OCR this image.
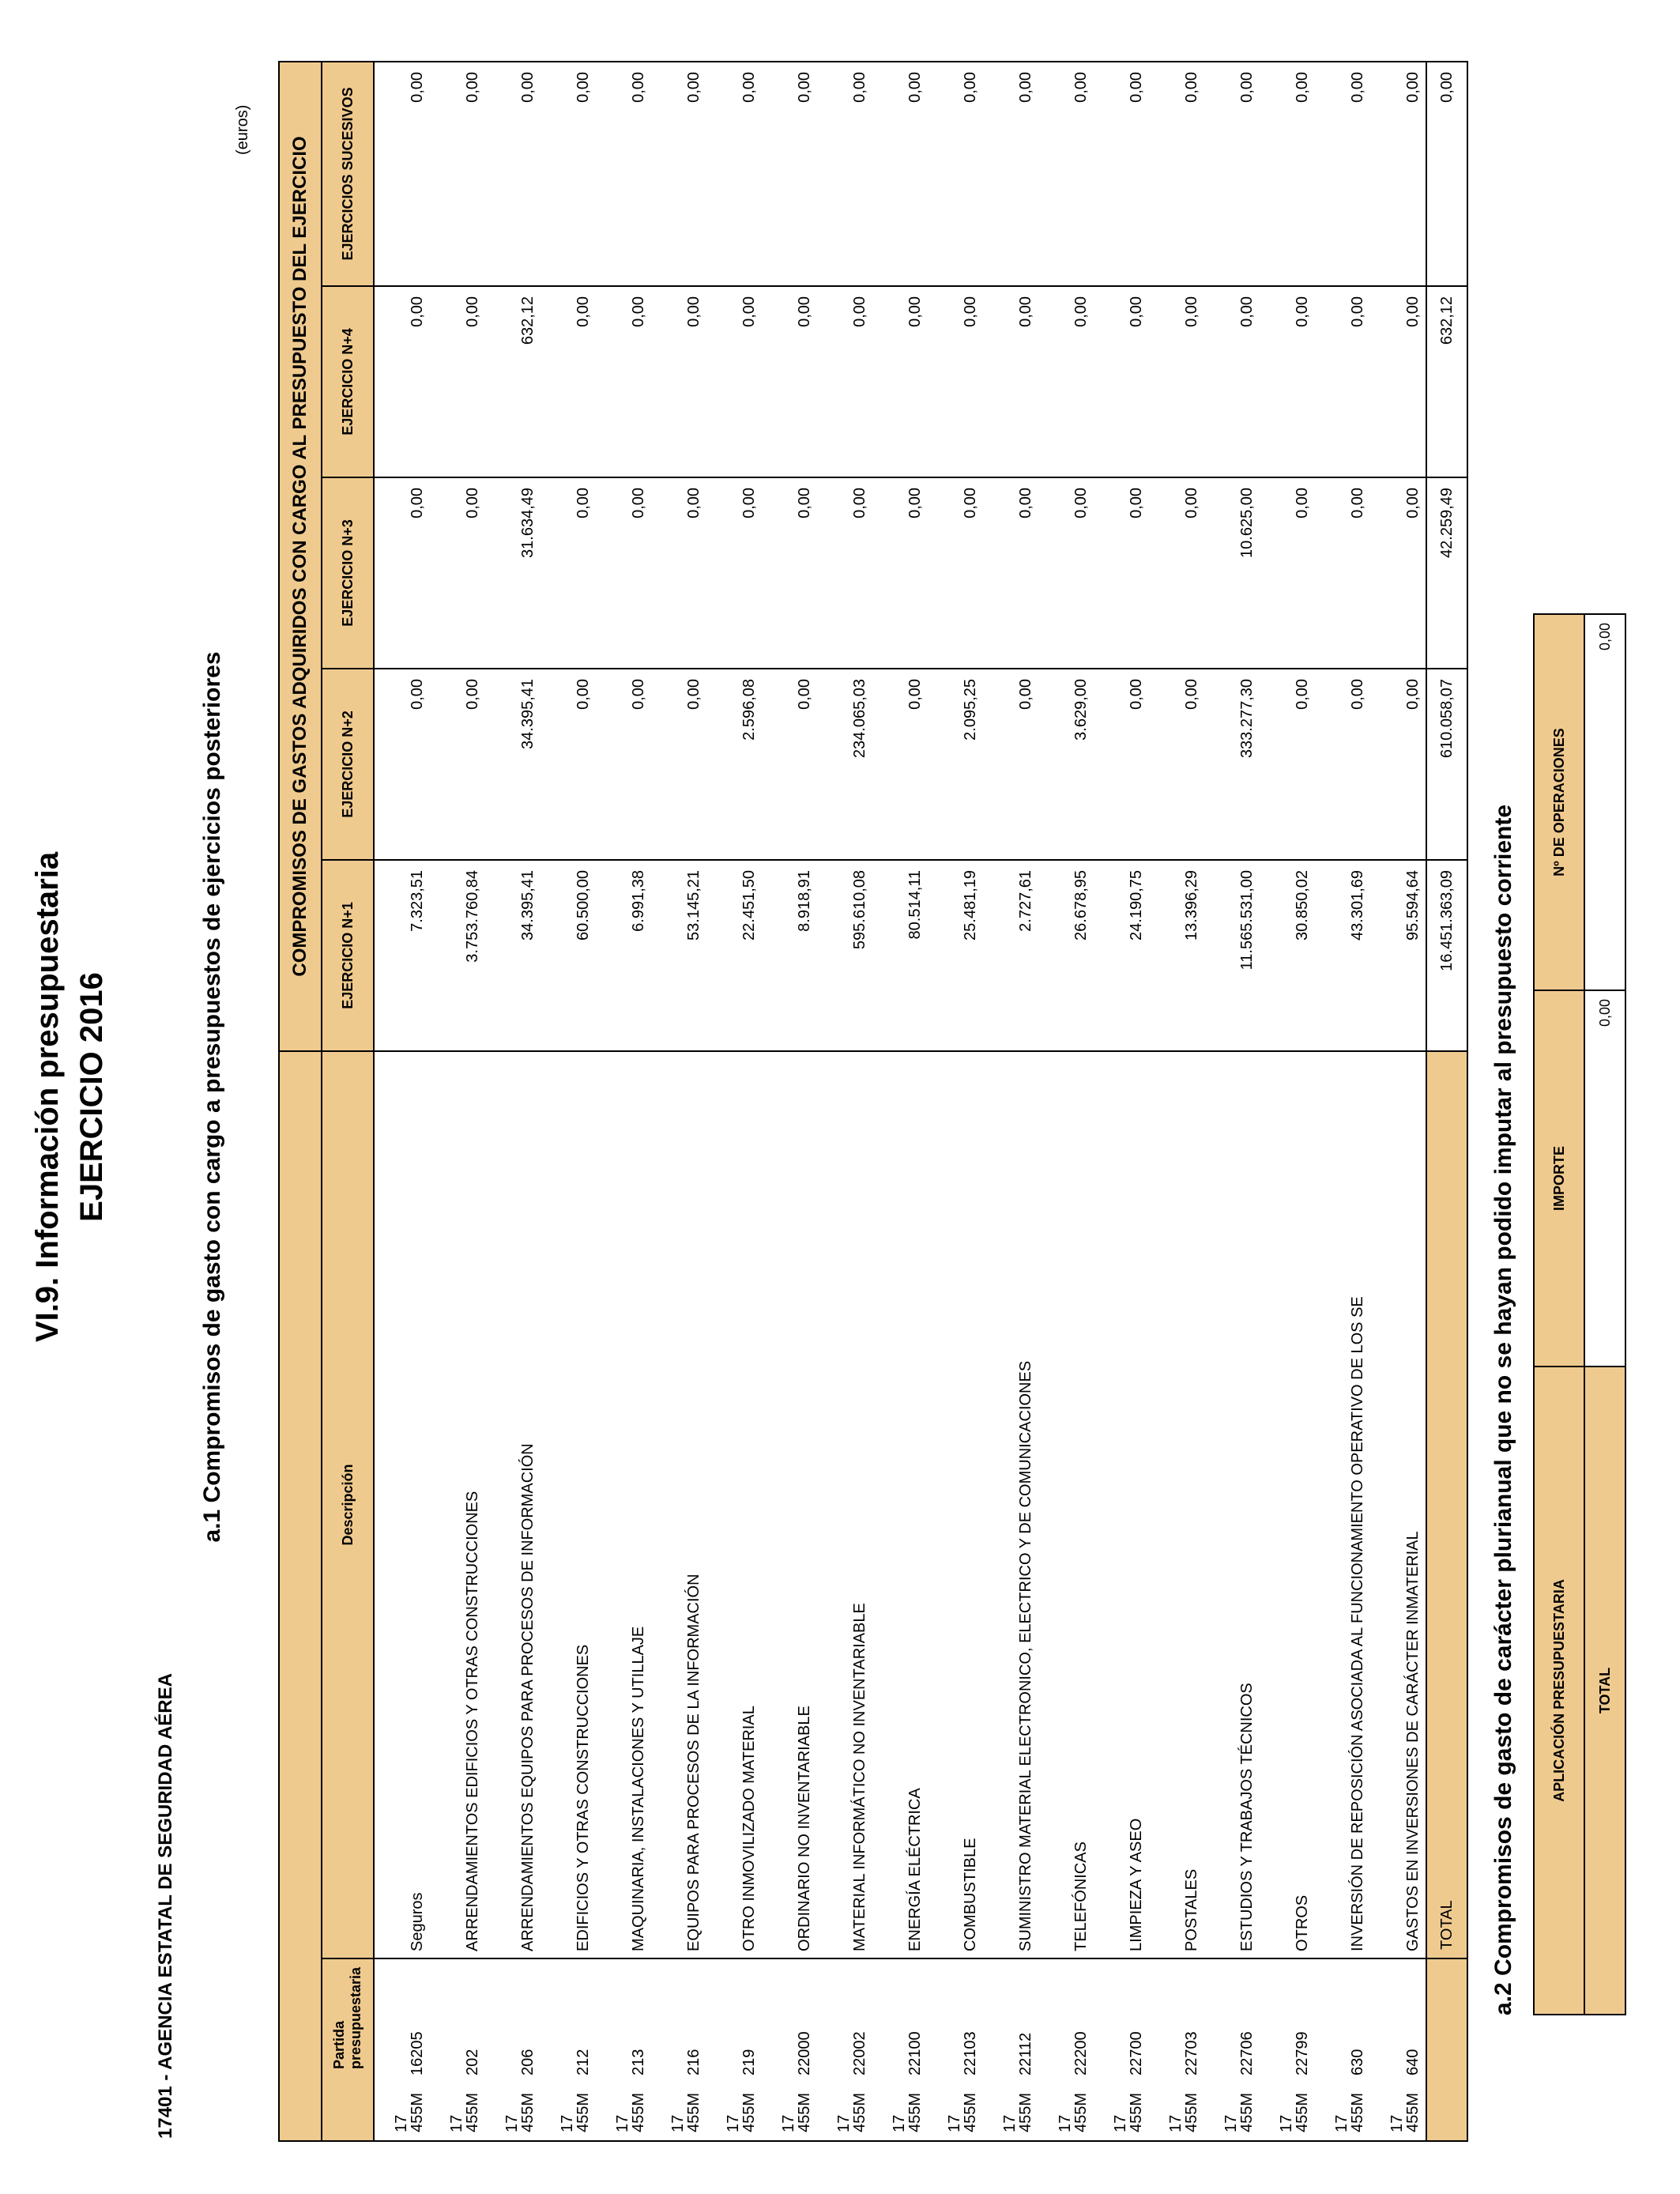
VI.9. Información presupuestaria EJERCICIO 2016
17401 - AGENCIA ESTATAL DE SEGURIDAD AÉREA
a.1 Compromisos de gasto con cargo a presupuestos de ejercicios posteriores
(euros)
		COMPROMISOS DE GASTOS ADQUIRIDOS CON CARGO AL PRESUPUESTO DEL EJERCICIO				
Partida presupuestaria	Descripción	EJERCICIO N+1	EJERCICIO N+2	EJERCICIO N+3	EJERCICIO N+4	EJERCICIOS SUCESIVOS
17 455M16205	Seguros	7.323,51	0,00	0,00	0,00	0,00
17 455M202	ARRENDAMIENTOS EDIFICIOS Y OTRAS CONSTRUCCIONES	3.753.760,84	0,00	0,00	0,00	0,00
17 455M206	ARRENDAMIENTOS EQUIPOS PARA PROCESOS DE INFORMACIÓN	34.395,41	34.395,41	31.634,49	632,12	0,00
17 455M212	EDIFICIOS Y OTRAS CONSTRUCCIONES	60.500,00	0,00	0,00	0,00	0,00
17 455M213	MAQUINARIA, INSTALACIONES Y UTILLAJE	6.991,38	0,00	0,00	0,00	0,00
17 455M216	EQUIPOS PARA PROCESOS DE LA INFORMACIÓN	53.145,21	0,00	0,00	0,00	0,00
17 455M219	OTRO INMOVILIZADO MATERIAL	22.451,50	2.596,08	0,00	0,00	0,00
17 455M22000	ORDINARIO NO INVENTARIABLE	8.918,91	0,00	0,00	0,00	0,00
17 455M22002	MATERIAL INFORMÁTICO NO INVENTARIABLE	595.610,08	234.065,03	0,00	0,00	0,00
17 455M22100	ENERGÍA ELÉCTRICA	80.514,11	0,00	0,00	0,00	0,00
17 455M22103	COMBUSTIBLE	25.481,19	2.095,25	0,00	0,00	0,00
17 455M22112	SUMINISTRO MATERIAL ELECTRONICO, ELECTRICO Y DE COMUNICACIONES	2.727,61	0,00	0,00	0,00	0,00
17 455M22200	TELEFÓNICAS	26.678,95	3.629,00	0,00	0,00	0,00
17 455M22700	LIMPIEZA Y ASEO	24.190,75	0,00	0,00	0,00	0,00
17 455M22703	POSTALES	13.396,29	0,00	0,00	0,00	0,00
17 455M22706	ESTUDIOS Y TRABAJOS TÉCNICOS	11.565.531,00	333.277,30	10.625,00	0,00	0,00
17 455M22799	OTROS	30.850,02	0,00	0,00	0,00	0,00
17 455M630	INVERSIÓN DE REPOSICIÓN ASOCIADA AL FUNCIONAMIENTO OPERATIVO DE LOS SE	43.301,69	0,00	0,00	0,00	0,00
17 455M640	GASTOS EN INVERSIONES DE CARÁCTER INMATERIAL	95.594,64	0,00	0,00	0,00	0,00
	TOTAL	16.451.363,09	610.058,07	42.259,49	632,12	0,00
a.2 Compromisos de gasto de carácter plurianual que no se hayan podido imputar al presupuesto corriente APLICACIÓN PRESUPUESTARIA	IMPORTE	Nº DE OPERACIONES
TOTAL	0,00	0,00
